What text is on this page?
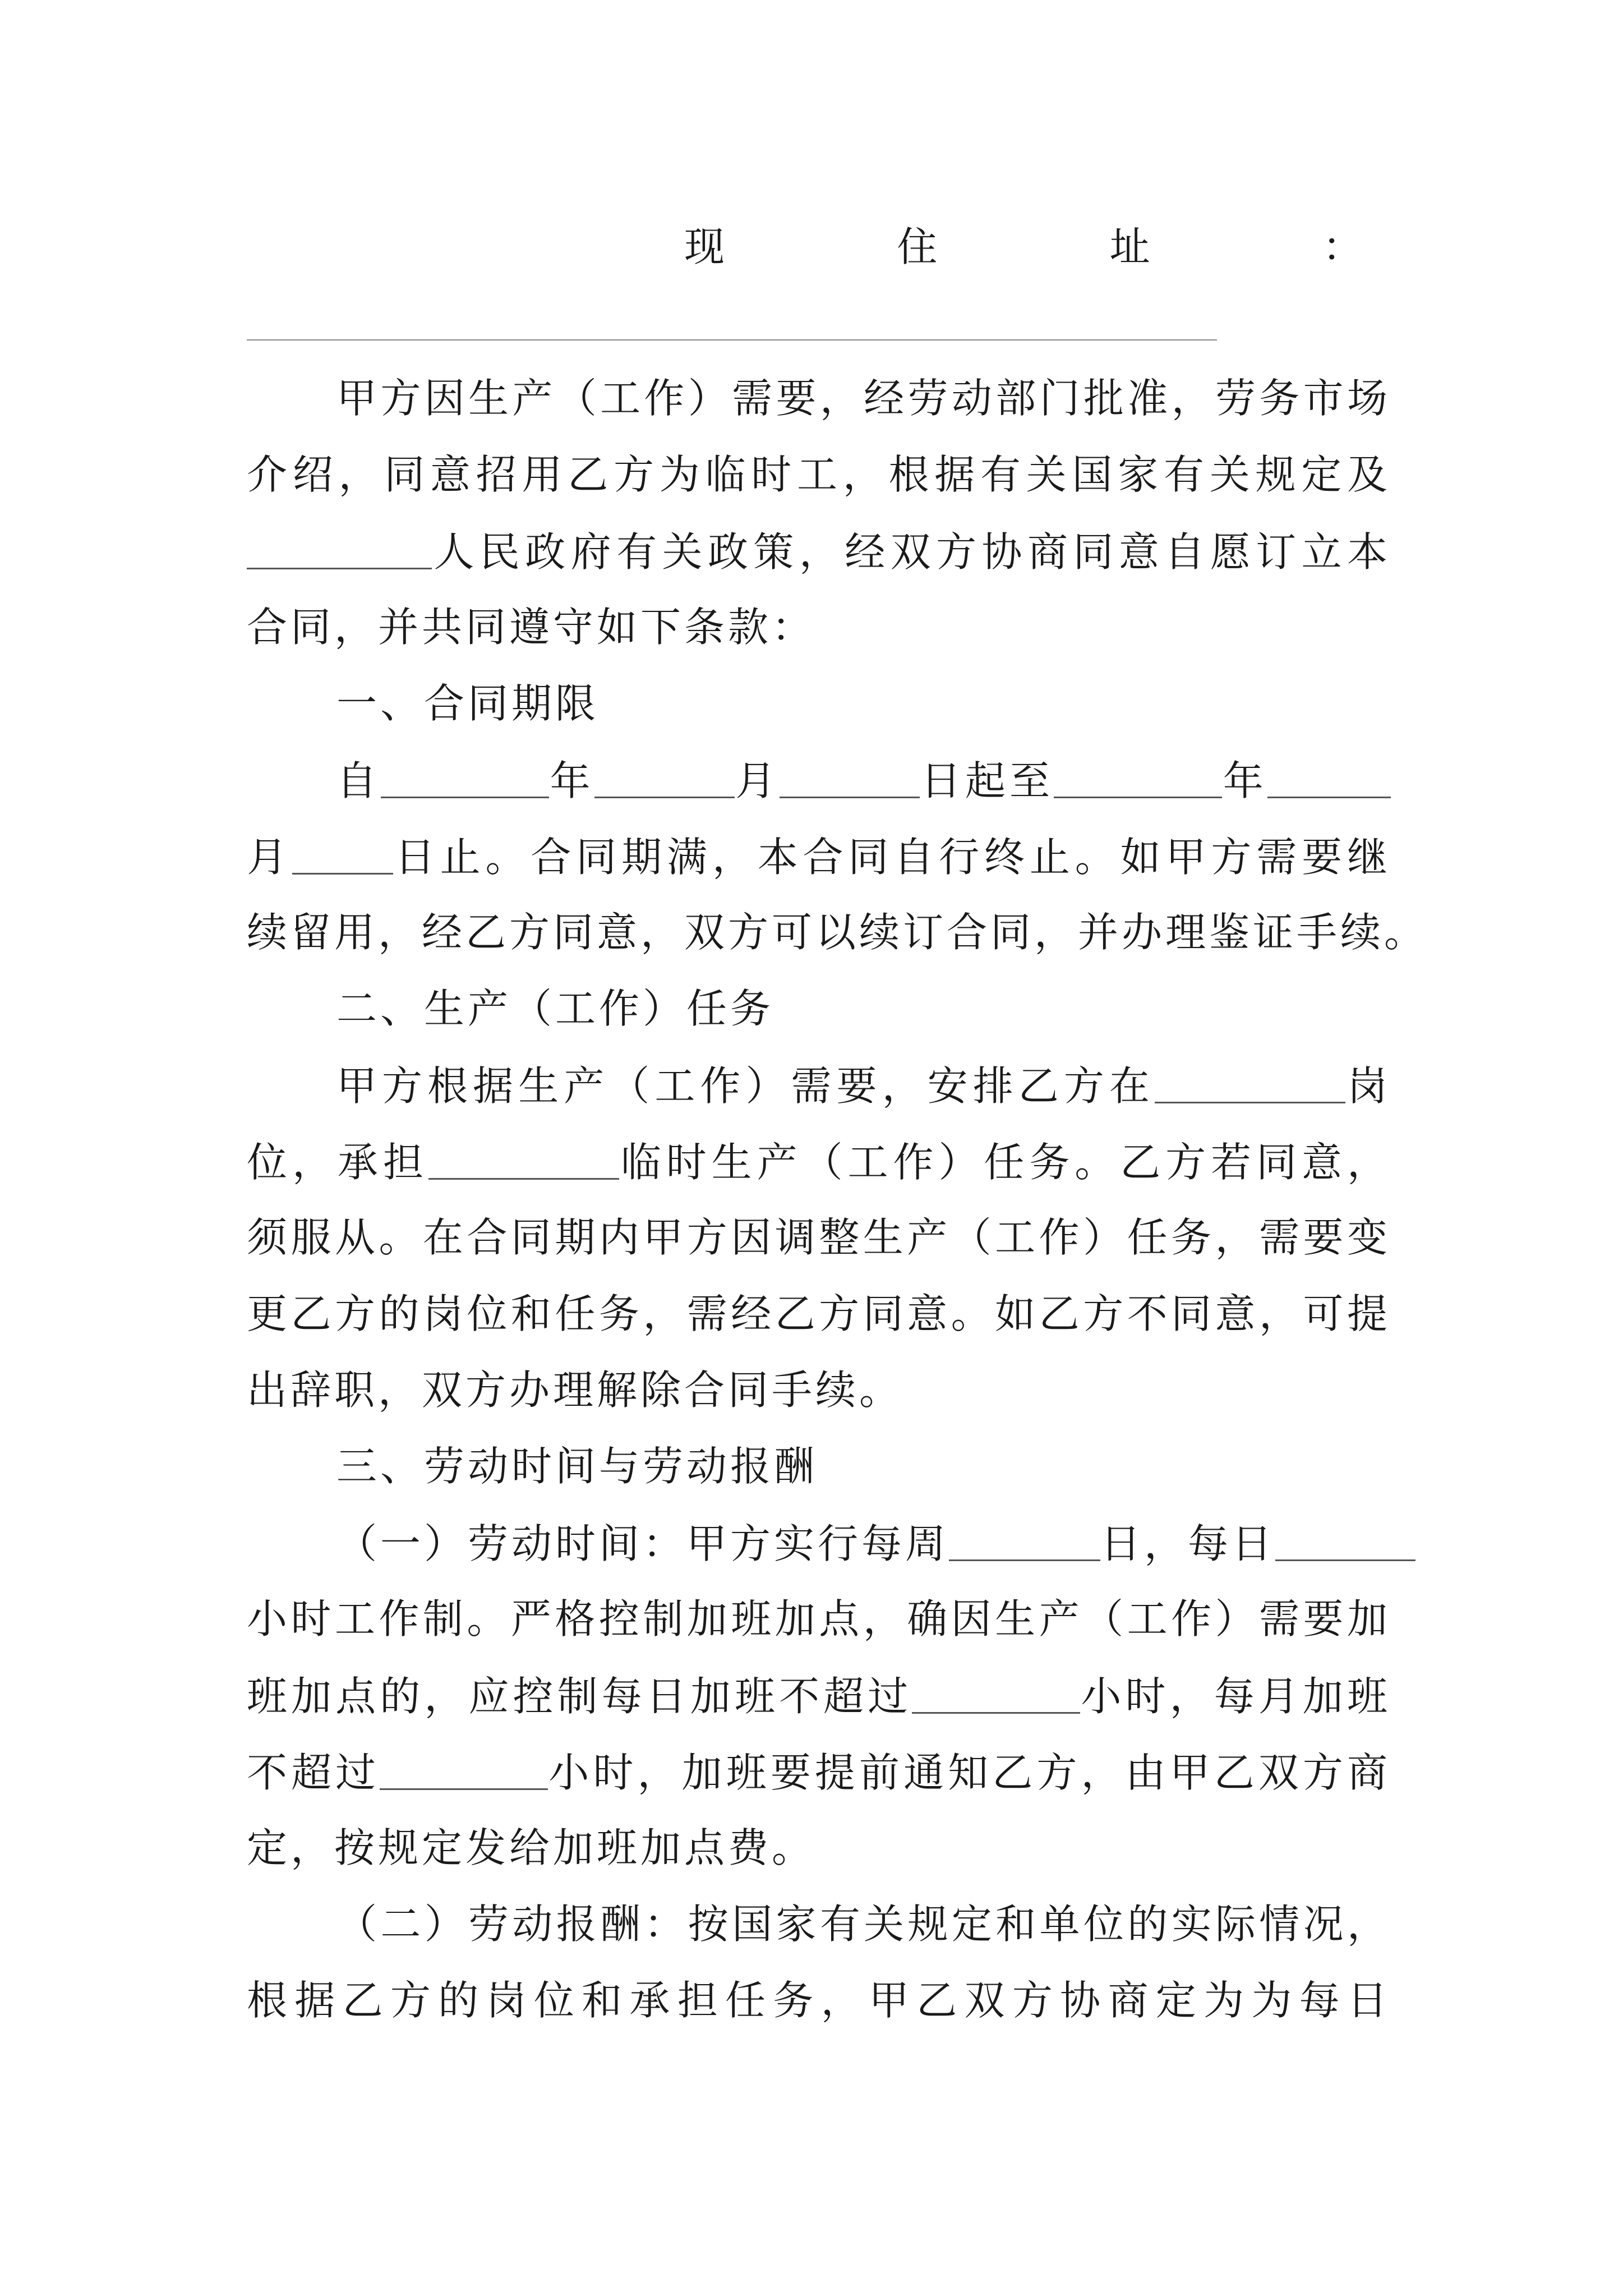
现	住	址	：
甲方因生产（工作）需要，经劳动部门批准，劳务市场
介绍，同意招用乙方为临时工，根据有关国家有关规定及
人民政府有关政策，经双方协商同意自愿订立本
合同，并共同遵守如下条款：
一、合同期限
自	年	月	日起至	年
月	日止。合同期满，本合同自行终止。如甲方需要继
续留用，经乙方同意，双方可以续订合同，并办理鉴证手续。
二、生产（工作）任务
甲方根据生产（工作）需要，安排乙方在	岗
位，承担	临时生产（工作）任务。乙方若同意，
须服从。在合同期内甲方因调整生产（工作）任务，需要变
更乙方的岗位和任务，需经乙方同意。如乙方不同意，可提
出辞职，双方办理解除合同手续。
三、劳动时间与劳动报酬
（一）劳动时间：甲方实行每周	日，每日
小时工作制。严格控制加班加点，确因生产（工作）需要加
班加点的，应控制每日加班不超过	小时，每月加班
不超过	小时，加班要提前通知乙方，由甲乙双方商
定，按规定发给加班加点费。
（二）劳动报酬：按国家有关规定和单位的实际情况，
根据乙方的岗位和承担任务，甲乙双方协商定为为每日
